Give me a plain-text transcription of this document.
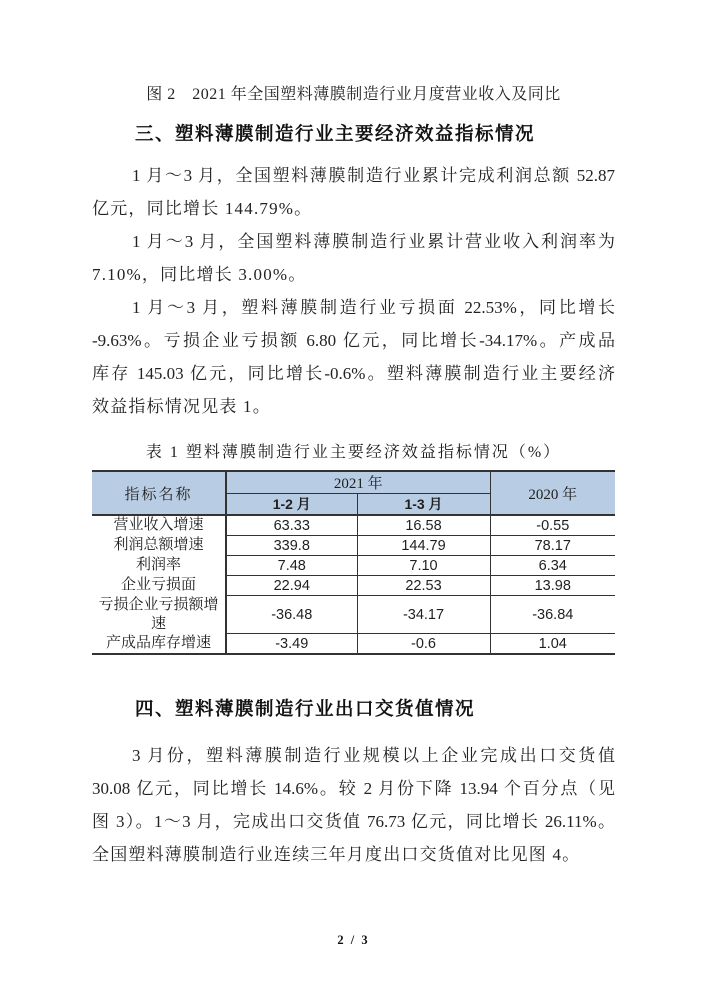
图 2　2021 年全国塑料薄膜制造行业月度营业收入及同比
三、塑料薄膜制造行业主要经济效益指标情况
1 月～3 月，全国塑料薄膜制造行业累计完成利润总额 52.87
亿元，同比增长 144.79%。
1 月～3 月，全国塑料薄膜制造行业累计营业收入利润率为
7.10%，同比增长 3.00%。
1 月～3 月，塑料薄膜制造行业亏损面 22.53%，同比增长
-9.63%。亏损企业亏损额 6.80 亿元，同比增长-34.17%。产成品
库存 145.03 亿元，同比增长-0.6%。塑料薄膜制造行业主要经济
效益指标情况见表 1。
表 1 塑料薄膜制造行业主要经济效益指标情况（%）
指标名称	2021 年		2020 年
	1-2 月	1-3 月	
营业收入增速	63.33	16.58	-0.55
利润总额增速	339.8	144.79	78.17
利润率	7.48	7.10	6.34
企业亏损面	22.94	22.53	13.98
亏损企业亏损额增速	-36.48	-34.17	-36.84
产成品库存增速	-3.49	-0.6	1.04
四、塑料薄膜制造行业出口交货值情况
3 月份，塑料薄膜制造行业规模以上企业完成出口交货值
30.08 亿元，同比增长 14.6%。较 2 月份下降 13.94 个百分点（见
图 3）。1～3 月，完成出口交货值 76.73 亿元，同比增长 26.11%。
全国塑料薄膜制造行业连续三年月度出口交货值对比见图 4。
2 / 3
